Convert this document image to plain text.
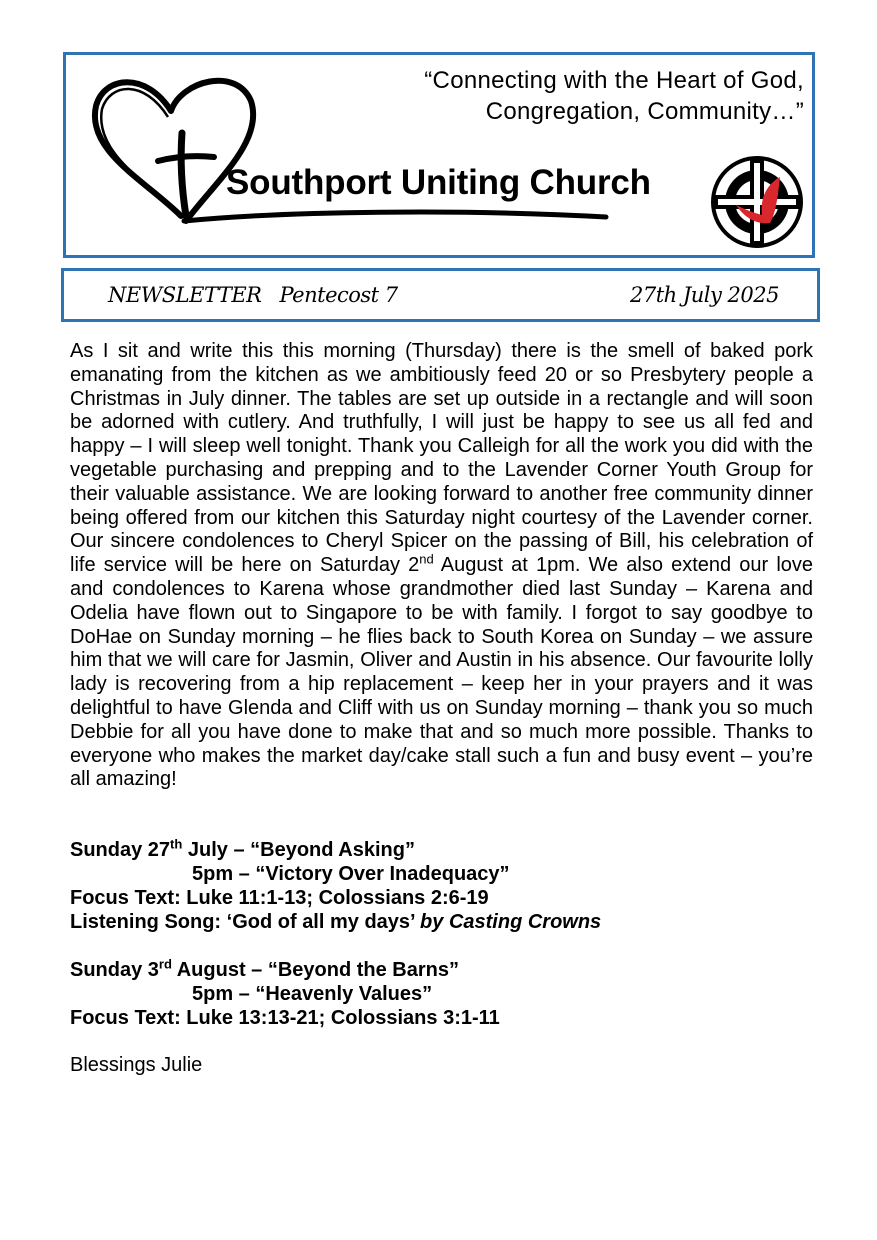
“Connecting with the Heart of God,
Congregation, Community…”
Southport Uniting Church
NEWSLETTER Pentecost 7	27th July 2025

As I sit and write this this morning (Thursday) there is the smell of baked pork emanating from the kitchen as we ambitiously feed 20 or so Presbytery people a Christmas in July dinner. The tables are set up outside in a rectangle and will soon be adorned with cutlery. And truthfully, I will just be happy to see us all fed and happy – I will sleep well tonight. Thank you Calleigh for all the work you did with the vegetable purchasing and prepping and to the Lavender Corner Youth Group for their valuable assistance. We are looking forward to another free community dinner being offered from our kitchen this Saturday night courtesy of the Lavender corner. Our sincere condolences to Cheryl Spicer on the passing of Bill, his celebration of life service will be here on Saturday 2nd August at 1pm. We also extend our love and condolences to Karena whose grandmother died last Sunday – Karena and Odelia have flown out to Singapore to be with family. I forgot to say goodbye to DoHae on Sunday morning – he flies back to South Korea on Sunday – we assure him that we will care for Jasmin, Oliver and Austin in his absence. Our favourite lolly lady is recovering from a hip replacement – keep her in your prayers and it was delightful to have Glenda and Cliff with us on Sunday morning – thank you so much Debbie for all you have done to make that and so much more possible. Thanks to everyone who makes the market day/cake stall such a fun and busy event – you’re all amazing!

Sunday 27th July – “Beyond Asking”
5pm – “Victory Over Inadequacy”
Focus Text: Luke 11:1-13; Colossians 2:6-19
Listening Song: ‘God of all my days’ by Casting Crowns
Sunday 3rd August – “Beyond the Barns”
5pm – “Heavenly Values”
Focus Text: Luke 13:13-21; Colossians 3:1-11
Blessings Julie
